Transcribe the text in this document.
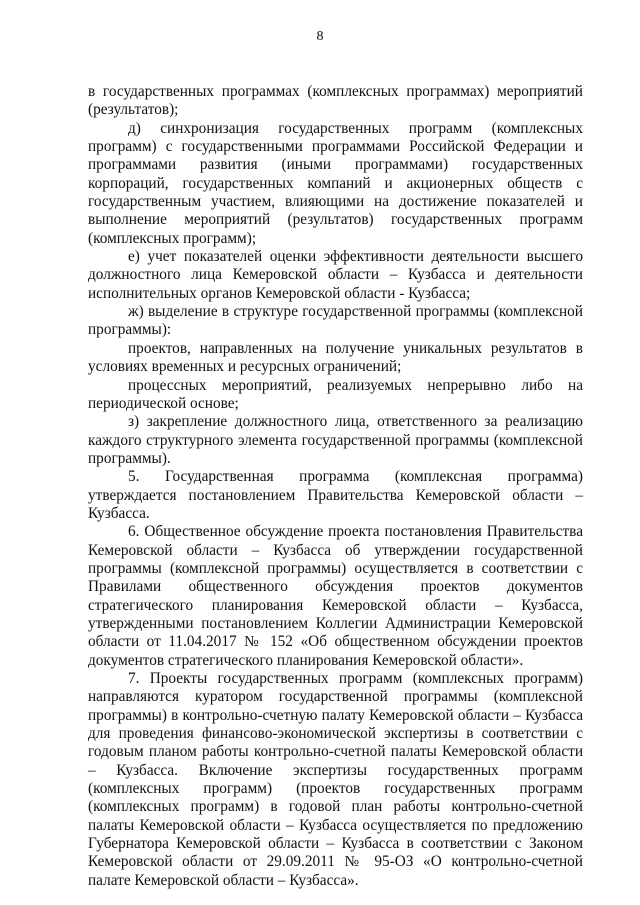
8

в государственных программах (комплексных программах) мероприятий (результатов);

д) синхронизация государственных программ (комплексных программ) с государственными программами Российской Федерации и программами развития (иными программами) государственных корпораций, государственных компаний и акционерных обществ с государственным участием, влияющими на достижение показателей и выполнение мероприятий (результатов) государственных программ (комплексных программ);

е) учет показателей оценки эффективности деятельности высшего должностного лица Кемеровской области – Кузбасса и деятельности исполнительных органов Кемеровской области - Кузбасса;

ж) выделение в структуре государственной программы (комплексной программы):

проектов, направленных на получение уникальных результатов в условиях временных и ресурсных ограничений;

процессных мероприятий, реализуемых непрерывно либо на периодической основе;

з) закрепление должностного лица, ответственного за реализацию каждого структурного элемента государственной программы (комплексной программы).

5. Государственная программа (комплексная программа) утверждается постановлением Правительства Кемеровской области – Кузбасса.

6. Общественное обсуждение проекта постановления Правительства Кемеровской области – Кузбасса об утверждении государственной программы (комплексной программы) осуществляется в соответствии с Правилами общественного обсуждения проектов документов стратегического планирования Кемеровской области – Кузбасса, утвержденными постановлением Коллегии Администрации Кемеровской области от 11.04.2017 № 152 «Об общественном обсуждении проектов документов стратегического планирования Кемеровской области».

7. Проекты государственных программ (комплексных программ) направляются куратором государственной программы (комплексной программы) в контрольно-счетную палату Кемеровской области – Кузбасса для проведения финансово-экономической экспертизы в соответствии с годовым планом работы контрольно-счетной палаты Кемеровской области – Кузбасса. Включение экспертизы государственных программ (комплексных программ) (проектов государственных программ (комплексных программ) в годовой план работы контрольно-счетной палаты Кемеровской области – Кузбасса осуществляется по предложению Губернатора Кемеровской области – Кузбасса в соответствии с Законом Кемеровской области от 29.09.2011 № 95-ОЗ «О контрольно-счетной палате Кемеровской области – Кузбасса».
